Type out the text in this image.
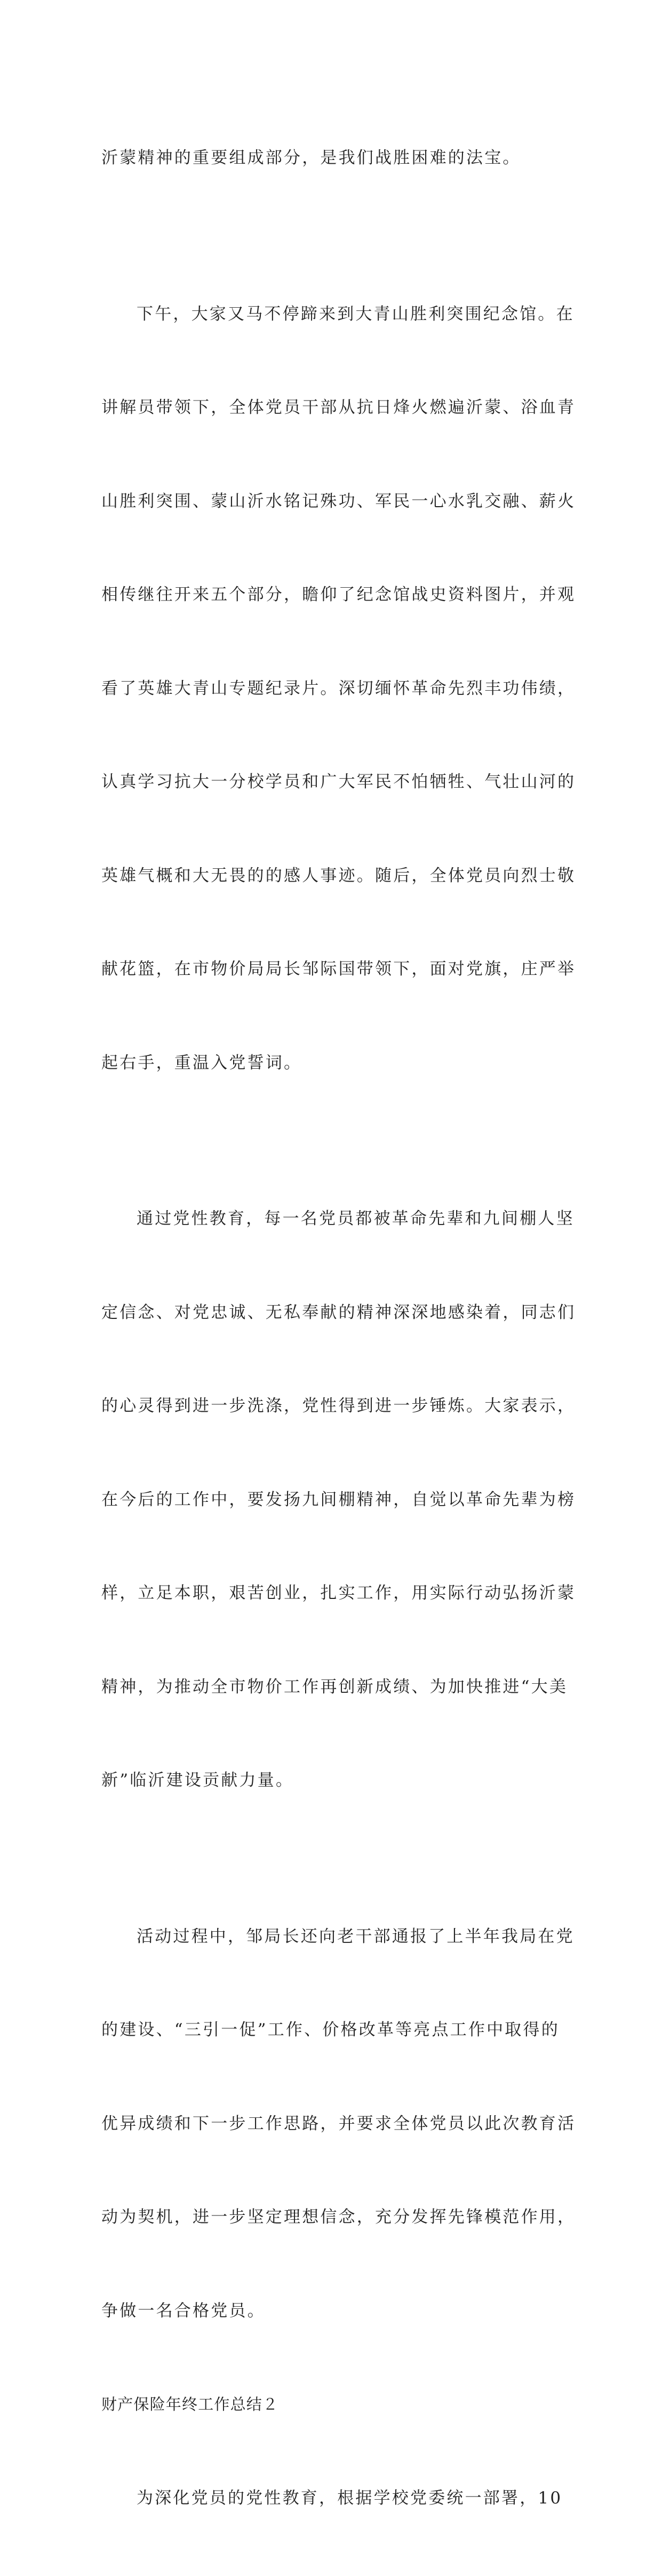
沂蒙精神的重要组成部分，是我们战胜困难的法宝。

下午，大家又马不停蹄来到大青山胜利突围纪念馆。在

讲解员带领下，全体党员干部从抗日烽火燃遍沂蒙、浴血青

山胜利突围、蒙山沂水铭记殊功、军民一心水乳交融、薪火

相传继往开来五个部分，瞻仰了纪念馆战史资料图片，并观

看了英雄大青山专题纪录片。深切缅怀革命先烈丰功伟绩，

认真学习抗大一分校学员和广大军民不怕牺牲、气壮山河的

英雄气概和大无畏的的感人事迹。随后，全体党员向烈士敬

献花篮，在市物价局局长邹际国带领下，面对党旗，庄严举

起右手，重温入党誓词。

通过党性教育，每一名党员都被革命先辈和九间棚人坚

定信念、对党忠诚、无私奉献的精神深深地感染着，同志们

的心灵得到进一步洗涤，党性得到进一步锤炼。大家表示，

在今后的工作中，要发扬九间棚精神，自觉以革命先辈为榜

样，立足本职，艰苦创业，扎实工作，用实际行动弘扬沂蒙

精神，为推动全市物价工作再创新成绩、为加快推进“大美

新”临沂建设贡献力量。

活动过程中，邹局长还向老干部通报了上半年我局在党

的建设、“三引一促”工作、价格改革等亮点工作中取得的

优异成绩和下一步工作思路，并要求全体党员以此次教育活

动为契机，进一步坚定理想信念，充分发挥先锋模范作用，

争做一名合格党员。

财产保险年终工作总结２

为深化党员的党性教育，根据学校党委统一部署，10
